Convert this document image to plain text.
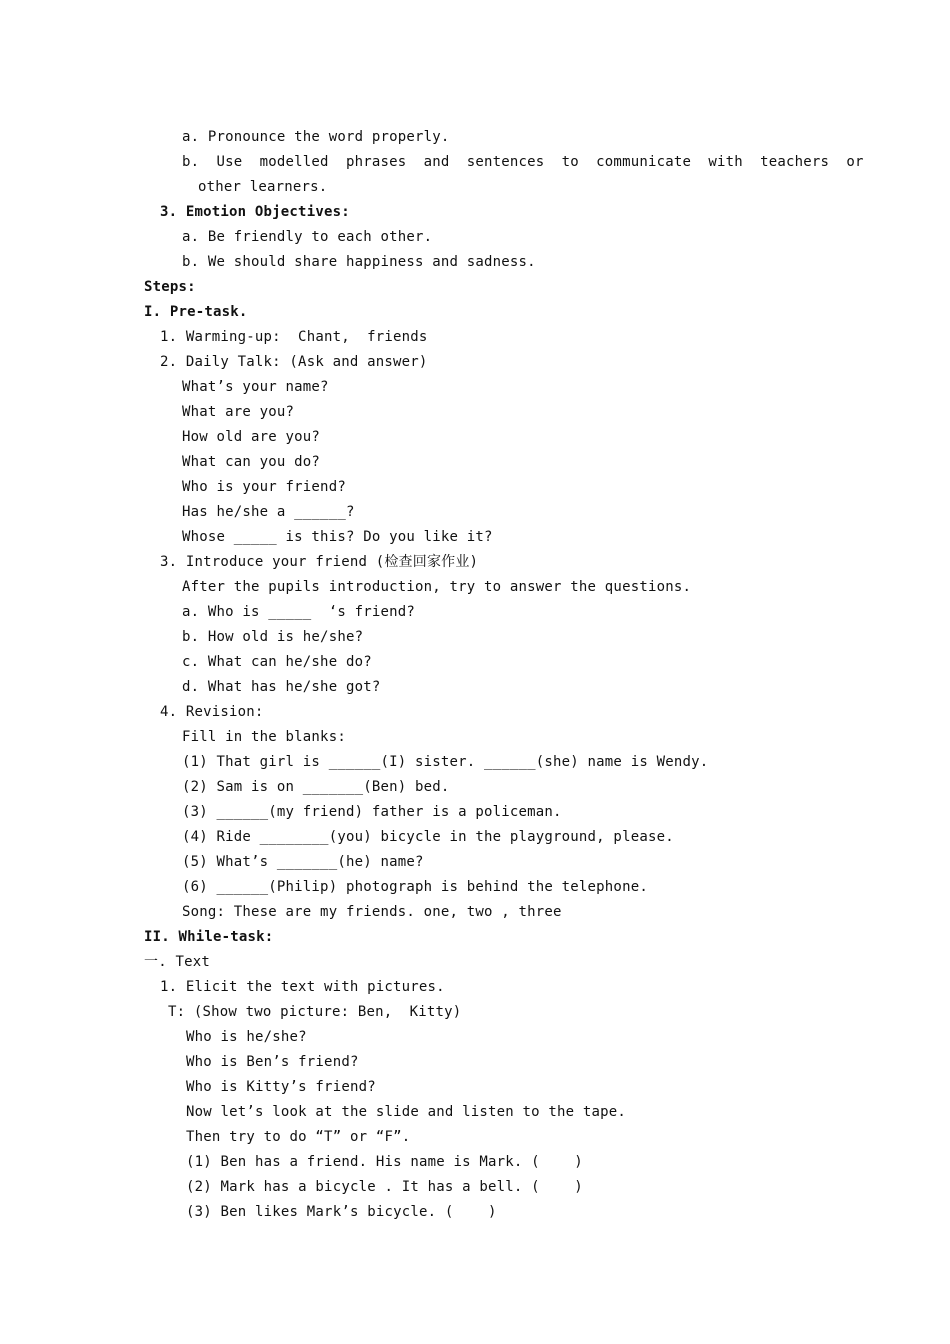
a. Pronounce the word properly.
b.  Use  modelled  phrases  and  sentences  to  communicate  with  teachers  or
other learners.
3. Emotion Objectives:
a. Be friendly to each other.
b. We should share happiness and sadness.
Steps:
I. Pre-task.
1. Warming-up:  Chant,  friends
2. Daily Talk: (Ask and answer)
What’s your name?
What are you?
How old are you?
What can you do?
Who is your friend?
Has he/she a ______?
Whose _____ is this? Do you like it?
3. Introduce your friend (检查回家作业)
After the pupils introduction, try to answer the questions.
a. Who is _____  ‘s friend?
b. How old is he/she?
c. What can he/she do?
d. What has he/she got?
4. Revision:
Fill in the blanks:
(1) That girl is ______(I) sister. ______(she) name is Wendy.
(2) Sam is on _______(Ben) bed.
(3) ______(my friend) father is a policeman.
(4) Ride ________(you) bicycle in the playground, please.
(5) What’s _______(he) name?
(6) ______(Philip) photograph is behind the telephone.
Song: These are my friends. one, two , three
II. While-task:
一. Text
1. Elicit the text with pictures.
T: (Show two picture: Ben,  Kitty)
Who is he/she?
Who is Ben’s friend?
Who is Kitty’s friend?
Now let’s look at the slide and listen to the tape.
Then try to do “T” or “F”.
(1) Ben has a friend. His name is Mark. (    )
(2) Mark has a bicycle . It has a bell. (    )
(3) Ben likes Mark’s bicycle. (    )
